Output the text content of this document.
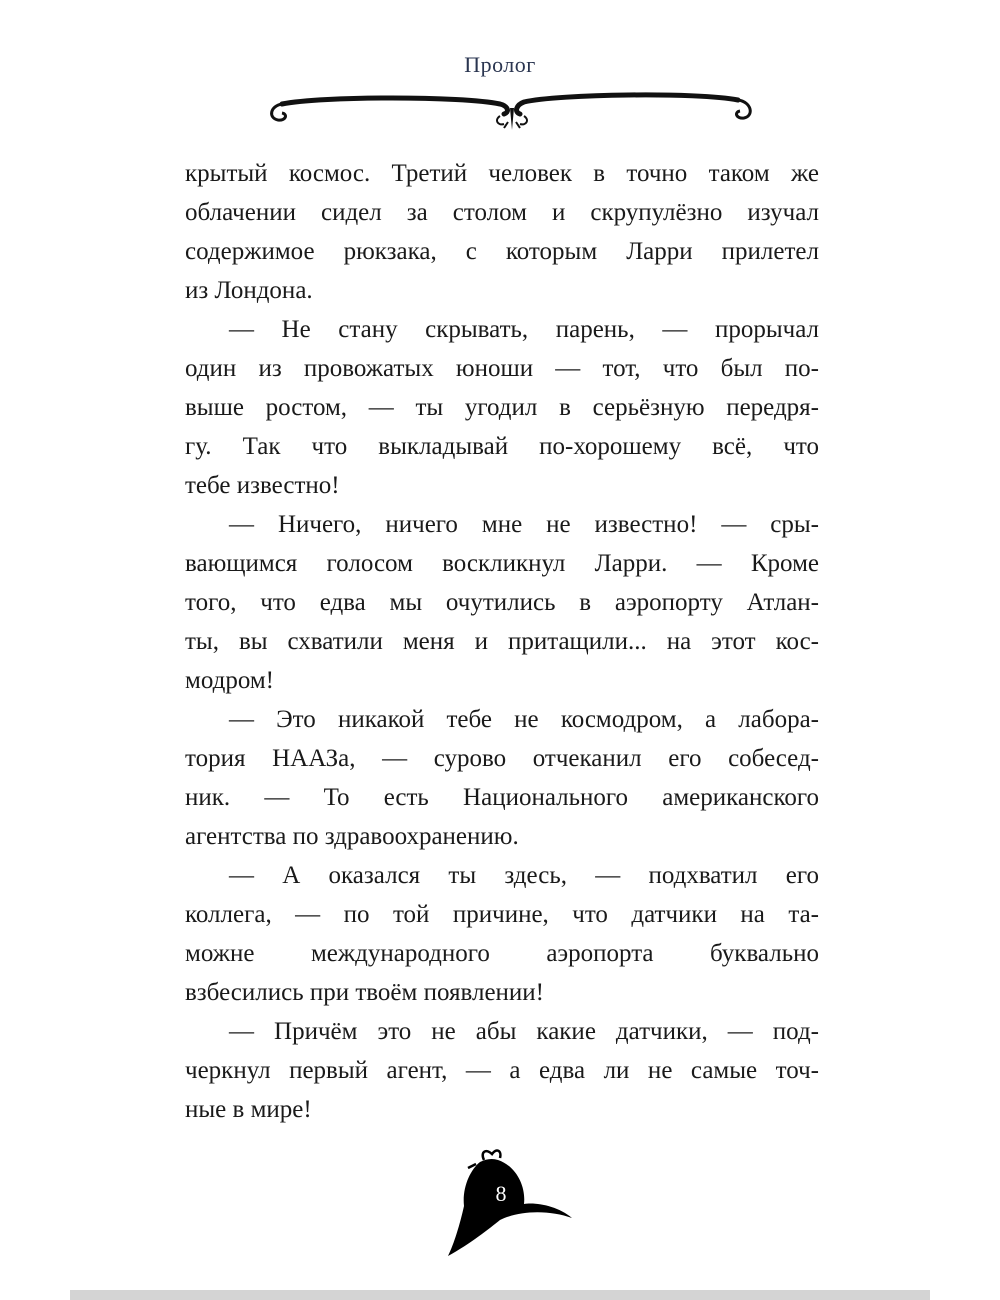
Пролог
крытый космос. Третий человек в точно таком же
облачении сидел за столом и скрупулёзно изучал
содержимое рюкзака, с которым Ларри прилетел
из Лондона.
— Не стану скрывать, парень, — прорычал
один из провожатых юноши — тот, что был по-
выше ростом, — ты угодил в серьёзную передря-
гу. Так что выкладывай по-хорошему всё, что
тебе известно!
— Ничего, ничего мне не известно! — сры-
вающимся голосом воскликнул Ларри. — Кроме
того, что едва мы очутились в аэропорту Атлан-
ты, вы схватили меня и притащили... на этот кос-
модром!
— Это никакой тебе не космодром, а лабора-
тория НААЗа, — сурово отчеканил его собесед-
ник. — То есть Национального американского
агентства по здравоохранению.
— А оказался ты здесь, — подхватил его
коллега, — по той причине, что датчики на та-
можне международного аэропорта буквально
взбесились при твоём появлении!
— Причём это не абы какие датчики, — под-
черкнул первый агент, — а едва ли не самые точ-
ные в мире!
8
